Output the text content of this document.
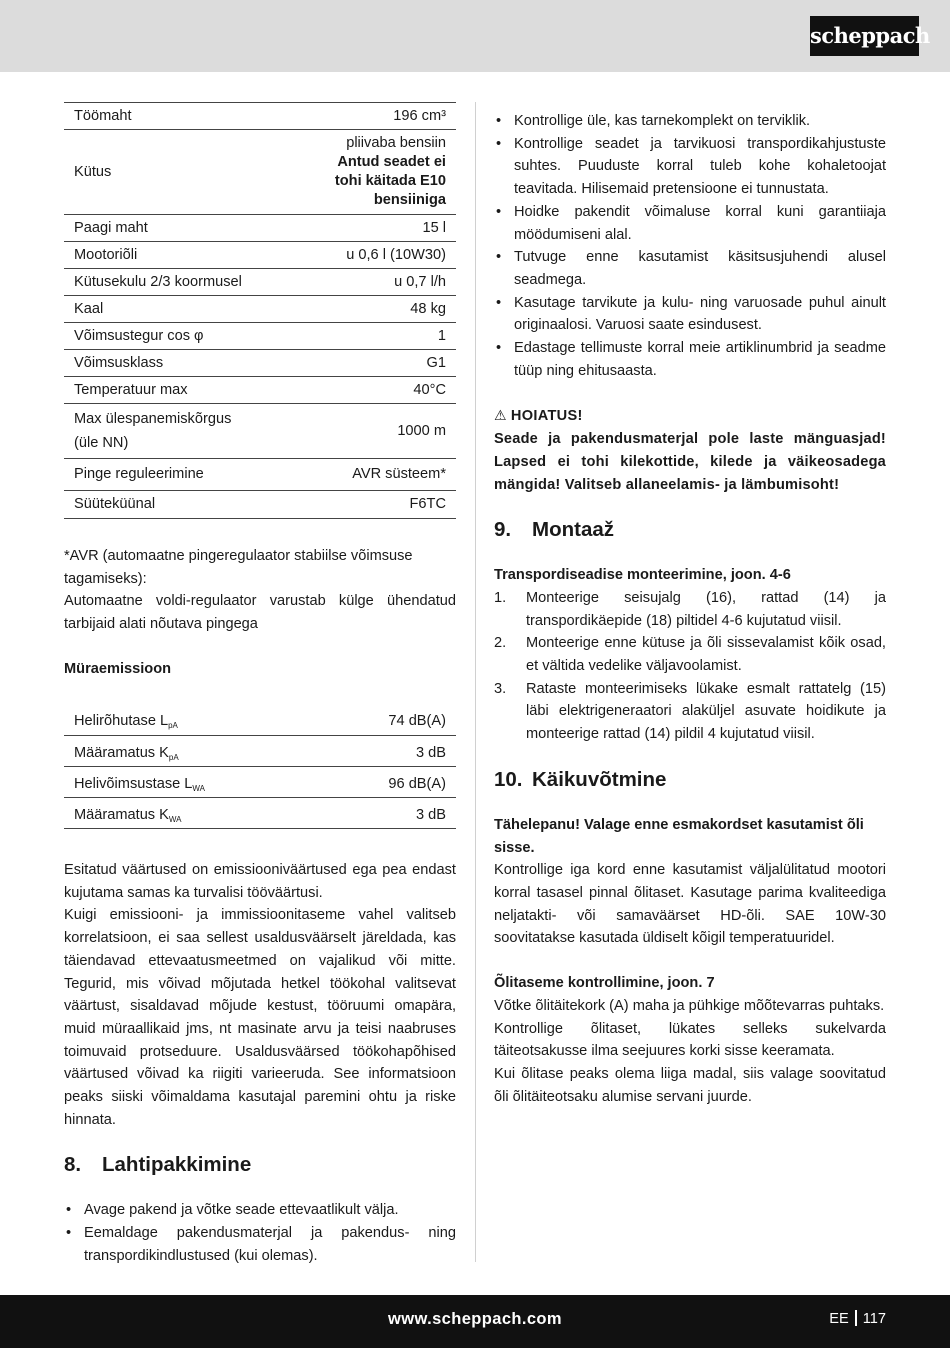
scheppach
Töömaht	196 cm³
Kütus	pliivaba bensiin
Antud seadet ei
tohi käitada E10
bensiiniga

Paagi maht	15 l
Mootoriõli	u 0,6 l (10W30)
Kütusekulu 2/3 koormusel	u 0,7 l/h
Kaal	48 kg
Võimsustegur cos φ	1
Võimsusklass	G1
Temperatuur max	40°C

Max ülespanemiskõrgus
(üle NN)	1000 m
Pinge reguleerimine	AVR süsteem*
Süüteküünal	F6TC

*AVR (automaatne pingeregulaator stabiilse võimsuse tagamiseks):

Automaatne voldi-regulaator varustab külge ühendatud tarbijaid alati nõutava pingega

Müraemissioon
Helirõhutase $L_{pA}$	74 dB(A)
Määramatus $K_{pA}$	3 dB
Helivõimsustase $L_{WA}$	96 dB(A)
Määramatus $K_{WA}$	3 dB

Esitatud väärtused on emissiooniväärtused ega pea endast kujutama samas ka turvalisi tööväärtusi.

Kuigi emissiooni- ja immissioonitaseme vahel valitseb korrelatsioon, ei saa sellest usaldusväärselt järeldada, kas täiendavad ettevaatusmeetmed on vajalikud või mitte. Tegurid, mis võivad mõjutada hetkel töökohal valitsevat väärtust, sisaldavad mõjude kestust, tööruumi omapära, muid müraallikaid jms, nt masinate arvu ja teisi naabruses toimuvaid protseduure. Usaldusväärsed töökohapõhised väärtused võivad ka riigiti varieeruda. See informatsioon peaks siiski võimaldama kasutajal paremini ohtu ja riske hinnata.

8. Lahtipakkimine
• Avage pakend ja võtke seade ettevaatlikult välja.
• Eemaldage pakendusmaterjal ja pakendus- ning transpordikindlustused (kui olemas).
• Kontrollige üle, kas tarnekomplekt on terviklik.
• Kontrollige seadet ja tarvikuosi transpordikahjustuste suhtes. Puuduste korral tuleb kohe kohaletoojat teavitada. Hilisemaid pretensioone ei tunnustata.
• Hoidke pakendit võimaluse korral kuni garantiiaja möödumiseni alal.
• Tutvuge enne kasutamist käsitsusjuhendi alusel seadmega.
• Kasutage tarvikute ja kulu- ning varuosade puhul ainult originaalosi. Varuosi saate esindusest.
• Edastage tellimuste korral meie artiklinumbrid ja seadme tüüp ning ehitusaasta.
⚠ HOIATUS!

Seade ja pakendusmaterjal pole laste mänguasjad! Lapsed ei tohi kilekottide, kilede ja väikeosadega mängida! Valitseb allaneelamis- ja lämbumisoht!

9. Montaaž
Transpordiseadise monteerimine, joon. 4-6
1. Monteerige seisujalg (16), rattad (14) ja transpordikäepide (18) piltidel 4-6 kujutatud viisil.
2. Monteerige enne kütuse ja õli sissevalamist kõik osad, et vältida vedelike väljavoolamist.
3. Rataste monteerimiseks lükake esmalt rattatelg (15) läbi elektrigeneraatori alaküljel asuvate hoidikute ja monteerige rattad (14) pildil 4 kujutatud viisil.
10. Käikuvõtmine

Tähelepanu! Valage enne esmakordset kasutamist õli sisse.

Kontrollige iga kord enne kasutamist väljalülitatud mootori korral tasasel pinnal õlitaset. Kasutage parima kvaliteediga neljatakti- või samaväärset HD-õli. SAE 10W-30 soovitatakse kasutada üldiselt kõigil temperatuuridel.

Õlitaseme kontrollimine, joon. 7

Võtke õlitäitekork (A) maha ja pühkige mõõtevarras puhtaks.

Kontrollige õlitaset, lükates selleks sukelvarda täiteotsakusse ilma seejuures korki sisse keeramata.

Kui õlitase peaks olema liiga madal, siis valage soovitatud õli õlitäiteotsaku alumise servani juurde.

www.scheppach.com	EE 117
